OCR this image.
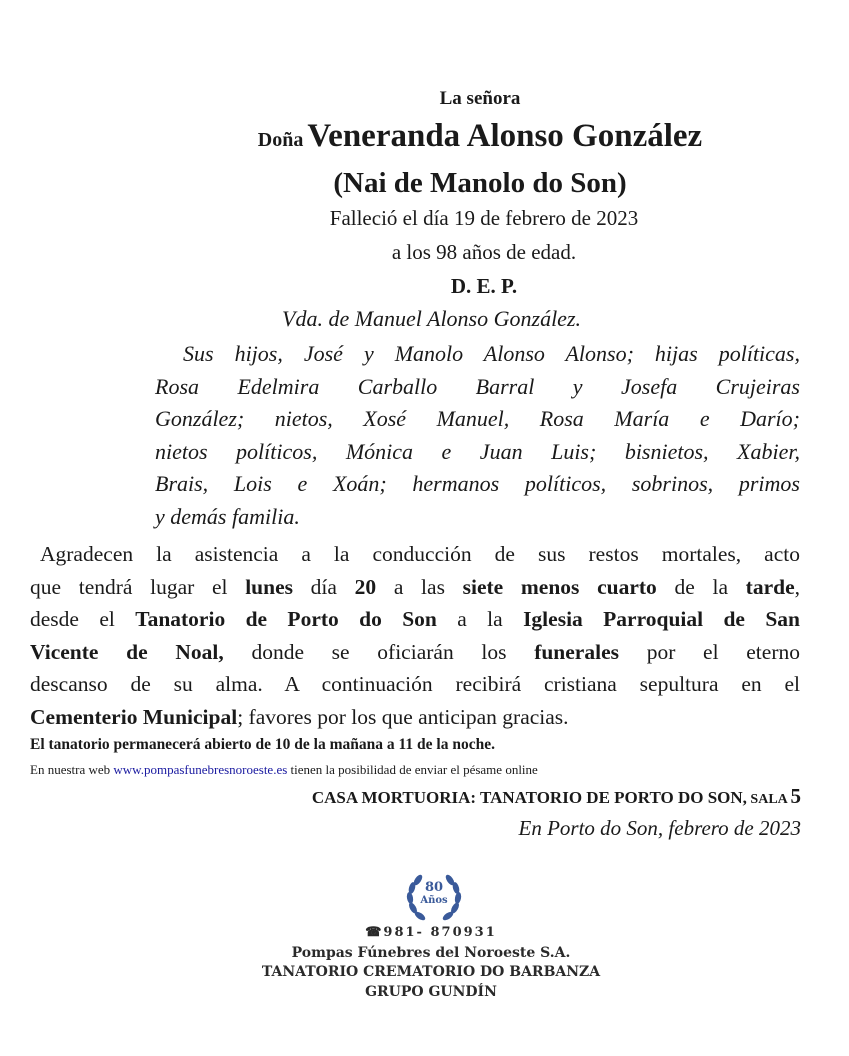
La señora
Doña Veneranda Alonso González
(Nai de Manolo do Son)
Falleció el día 19 de febrero de 2023
a los 98 años de edad.
D. E. P.
Vda. de Manuel Alonso González.
Sus hijos, José y Manolo Alonso Alonso; hijas políticas,
Rosa Edelmira Carballo Barral y Josefa Crujeiras
González; nietos, Xosé Manuel, Rosa María e Darío;
nietos políticos, Mónica e Juan Luis; bisnietos, Xabier,
Brais, Lois e Xoán; hermanos políticos, sobrinos, primos
y demás familia.
Agradecen la asistencia a la conducción de sus restos mortales, acto
que tendrá lugar el lunes día 20 a las siete menos cuarto de la tarde,
desde el Tanatorio de Porto do Son a la Iglesia Parroquial de San
Vicente de Noal, donde se oficiarán los funerales por el eterno
descanso de su alma. A continuación recibirá cristiana sepultura en el
Cementerio Municipal; favores por los que anticipan gracias.
El tanatorio permanecerá abierto de 10 de la mañana a 11 de la noche.
En nuestra web www.pompasfunebresnoroeste.es tienen la posibilidad de enviar el pésame online
CASA MORTUORIA: TANATORIO DE PORTO DO SON, SALA 5
En Porto do Son, febrero de 2023
80
Años
☎981- 870931
Pompas Fúnebres del Noroeste S.A.
TANATORIO CREMATORIO DO BARBANZA
GRUPO GUNDÍN
